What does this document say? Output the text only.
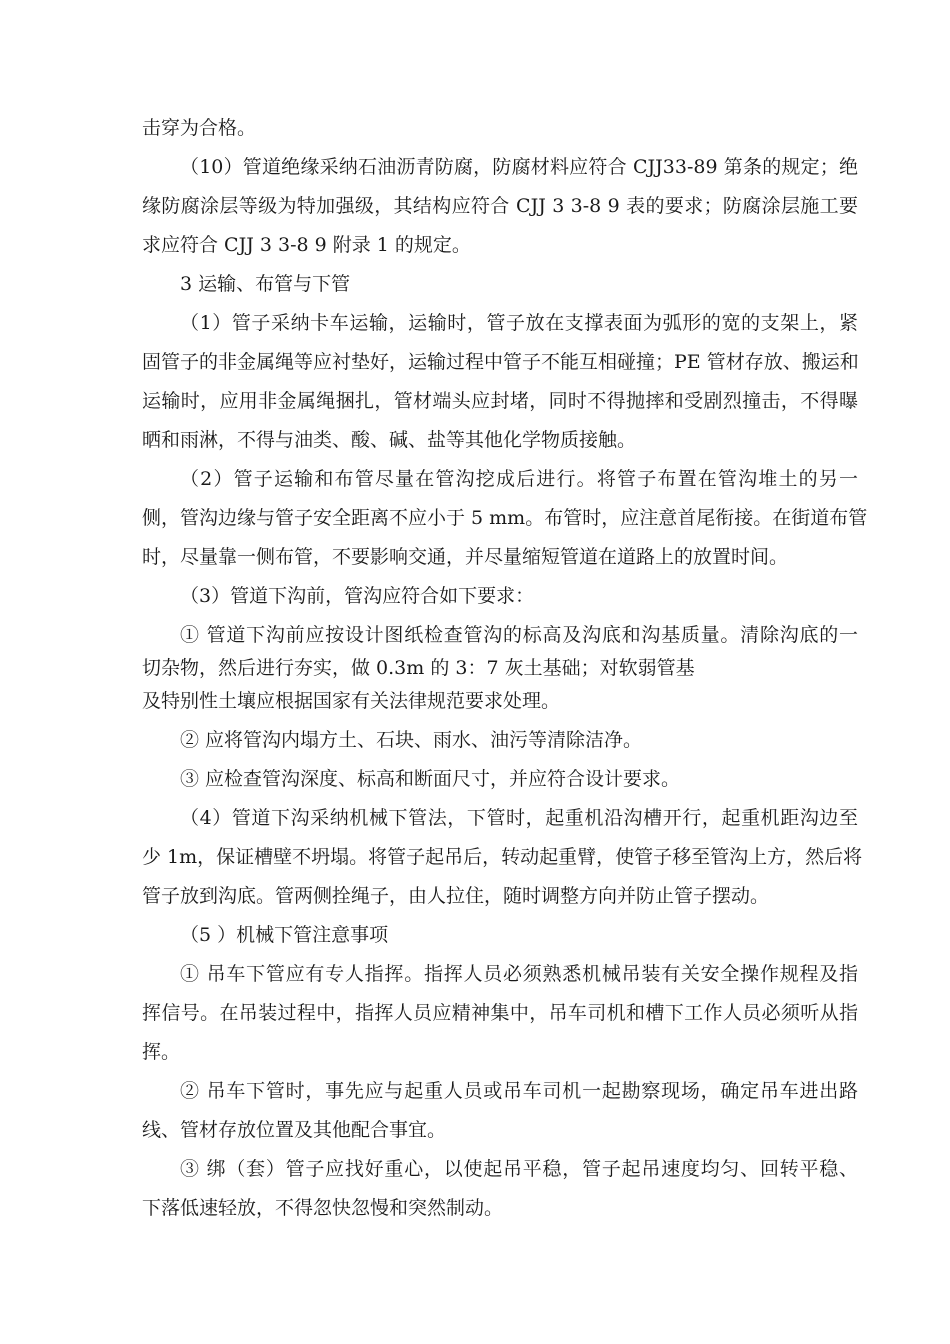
击穿为合格。
（10）管道绝缘采纳石油沥青防腐，防腐材料应符合 CJJ33-89 第条的规定；绝
缘防腐涂层等级为特加强级，其结构应符合 CJJ 3 3-8 9 表的要求；防腐涂层施工要
求应符合 CJJ 3 3-8 9 附录 1 的规定。
3 运输、布管与下管
（1）管子采纳卡车运输，运输时，管子放在支撑表面为弧形的宽的支架上，紧
固管子的非金属绳等应衬垫好，运输过程中管子不能互相碰撞；PE 管材存放、搬运和
运输时，应用非金属绳捆扎，管材端头应封堵，同时不得抛摔和受剧烈撞击，不得曝
晒和雨淋，不得与油类、酸、碱、盐等其他化学物质接触。
（2）管子运输和布管尽量在管沟挖成后进行。将管子布置在管沟堆土的另一
侧，管沟边缘与管子安全距离不应小于 5 mm。布管时，应注意首尾衔接。在街道布管
时，尽量靠一侧布管，不要影响交通，并尽量缩短管道在道路上的放置时间。
（3）管道下沟前，管沟应符合如下要求：
① 管道下沟前应按设计图纸检查管沟的标高及沟底和沟基质量。清除沟底的一
切杂物，然后进行夯实，做 0.3m 的 3：7 灰土基础；对软弱管基
及特别性土壤应根据国家有关法律规范要求处理。
② 应将管沟内塌方土、石块、雨水、油污等清除洁净。
③ 应检查管沟深度、标高和断面尺寸，并应符合设计要求。
（4）管道下沟采纳机械下管法，下管时，起重机沿沟槽开行，起重机距沟边至
少 1m，保证槽壁不坍塌。将管子起吊后，转动起重臂，使管子移至管沟上方，然后将
管子放到沟底。管两侧拴绳子，由人拉住，随时调整方向并防止管子摆动。
（5 ）机械下管注意事项
① 吊车下管应有专人指挥。指挥人员必须熟悉机械吊装有关安全操作规程及指
挥信号。在吊装过程中，指挥人员应精神集中，吊车司机和槽下工作人员必须听从指
挥。
② 吊车下管时，事先应与起重人员或吊车司机一起勘察现场，确定吊车进出路
线、管材存放位置及其他配合事宜。
③ 绑（套）管子应找好重心，以使起吊平稳，管子起吊速度均匀、回转平稳、
下落低速轻放，不得忽快忽慢和突然制动。
